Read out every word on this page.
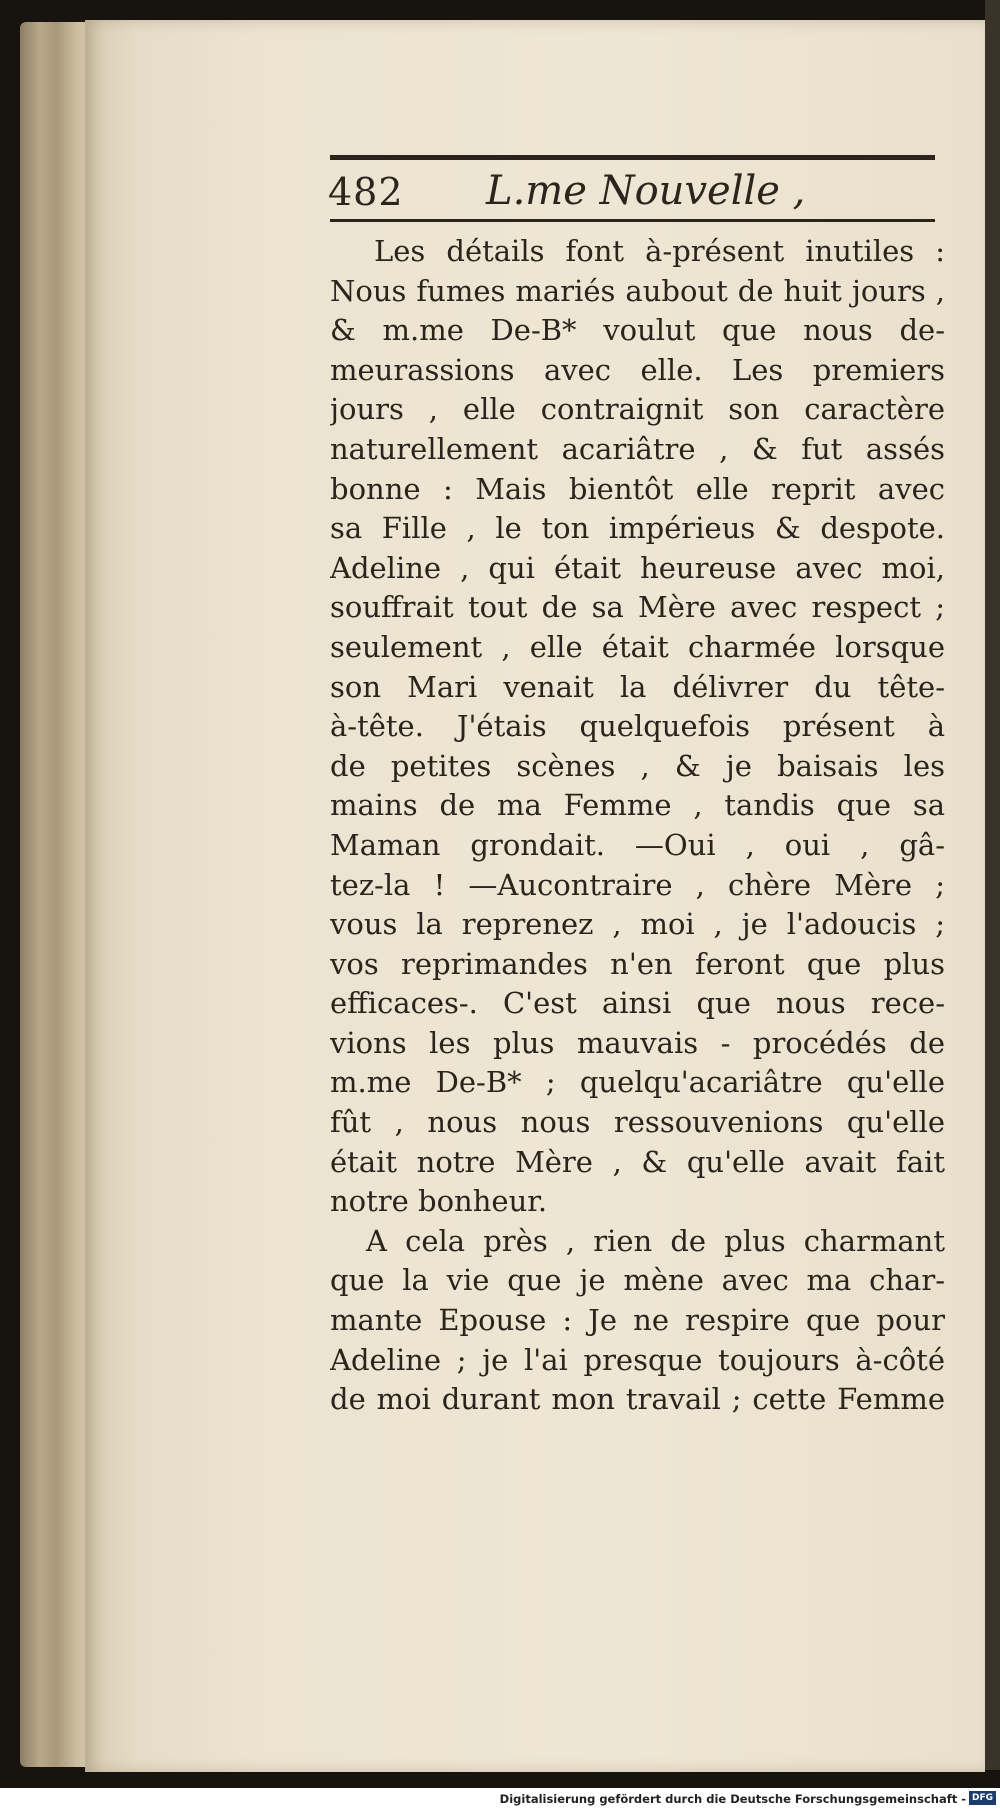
482 L.me Nouvelle ,
Les détails font à-présent inutiles :
Nous fumes mariés aubout de huit jours ,
& m.me De-B* voulut que nous de-
meurassions avec elle. Les premiers
jours , elle contraignit son caractère
naturellement acariâtre , & fut assés
bonne : Mais bientôt elle reprit avec
sa Fille , le ton impérieus & despote.
Adeline , qui était heureuse avec moi,
souffrait tout de sa Mère avec respect ;
seulement , elle était charmée lorsque
son Mari venait la délivrer du tête-
à-tête. J'étais quelquefois présent à
de petites scènes , & je baisais les
mains de ma Femme , tandis que sa
Maman grondait. —Oui , oui , gâ-
tez-la ! —Aucontraire , chère Mère ;
vous la reprenez , moi , je l'adoucis ;
vos reprimandes n'en feront que plus
efficaces-. C'est ainsi que nous rece-
vions les plus mauvais - procédés de
m.me De-B* ; quelqu'acariâtre qu'elle
fût , nous nous ressouvenions qu'elle
était notre Mère , & qu'elle avait fait
notre bonheur.
A cela près , rien de plus charmant
que la vie que je mène avec ma char-
mante Epouse : Je ne respire que pour
Adeline ; je l'ai presque toujours à-côté
de moi durant mon travail ; cette Femme
Digitalisierung gefördert durch die Deutsche Forschungsgemeinschaft - DFG
